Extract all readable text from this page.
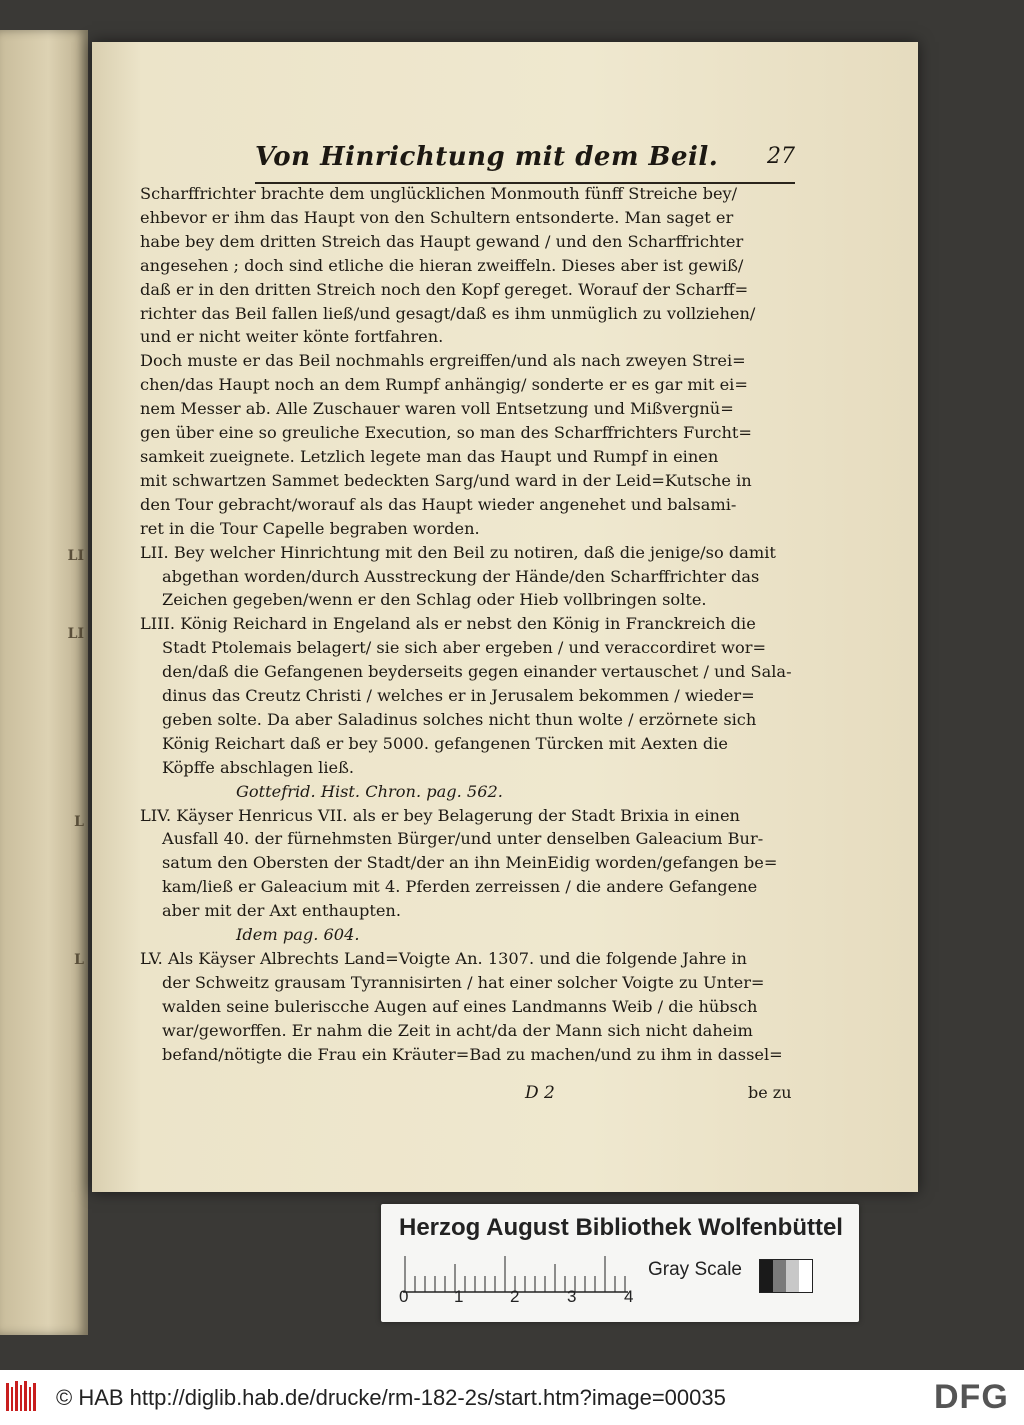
LI
LI
L
L
Von Hinrichtung mit dem Beil. 27
Scharffrichter brachte dem unglücklichen Monmouth fünff Streiche bey/
ehbevor er ihm das Haupt von den Schultern entsonderte. Man saget er
habe bey dem dritten Streich das Haupt gewand / und den Scharffrichter
angesehen ; doch sind etliche die hieran zweiffeln. Dieses aber ist gewiß/
daß er in den dritten Streich noch den Kopf gereget. Worauf der Scharff=
richter das Beil fallen ließ/und gesagt/daß es ihm unmüglich zu vollziehen/
und er nicht weiter könte fortfahren.
Doch muste er das Beil nochmahls ergreiffen/und als nach zweyen Strei=
chen/das Haupt noch an dem Rumpf anhängig/ sonderte er es gar mit ei=
nem Messer ab. Alle Zuschauer waren voll Entsetzung und Mißvergnü=
gen über eine so greuliche Execution, so man des Scharffrichters Furcht=
samkeit zueignete. Letzlich legete man das Haupt und Rumpf in einen
mit schwartzen Sammet bedeckten Sarg/und ward in der Leid=Kutsche in
den Tour gebracht/worauf als das Haupt wieder angenehet und balsami-
ret in die Tour Capelle begraben worden.
LII. Bey welcher Hinrichtung mit den Beil zu notiren, daß die jenige/so damit
abgethan worden/durch Ausstreckung der Hände/den Scharffrichter das
Zeichen gegeben/wenn er den Schlag oder Hieb vollbringen solte.
LIII. König Reichard in Engeland als er nebst den König in Franckreich die
Stadt Ptolemais belagert/ sie sich aber ergeben / und veraccordiret wor=
den/daß die Gefangenen beyderseits gegen einander vertauschet / und Sala-
dinus das Creutz Christi / welches er in Jerusalem bekommen / wieder=
geben solte. Da aber Saladinus solches nicht thun wolte / erzörnete sich
König Reichart daß er bey 5000. gefangenen Türcken mit Aexten die
Köpffe abschlagen ließ.
Gottefrid. Hist. Chron. pag. 562.
LIV. Käyser Henricus VII. als er bey Belagerung der Stadt Brixia in einen
Ausfall 40. der fürnehmsten Bürger/und unter denselben Galeacium Bur-
satum den Obersten der Stadt/der an ihn MeinEidig worden/gefangen be=
kam/ließ er Galeacium mit 4. Pferden zerreissen / die andere Gefangene
aber mit der Axt enthaupten.
Idem pag. 604.
LV. Als Käyser Albrechts Land=Voigte An. 1307. und die folgende Jahre in
der Schweitz grausam Tyrannisirten / hat einer solcher Voigte zu Unter=
walden seine buleriscche Augen auf eines Landmanns Weib / die hübsch
war/geworffen. Er nahm die Zeit in acht/da der Mann sich nicht daheim
befand/nötigte die Frau ein Kräuter=Bad zu machen/und zu ihm in dassel=
D 2	be zu
Herzog August Bibliothek Wolfenbüttel
0	1	2	3	4
Gray Scale
© HAB http://diglib.hab.de/drucke/rm-182-2s/start.htm?image=00035	DFG
